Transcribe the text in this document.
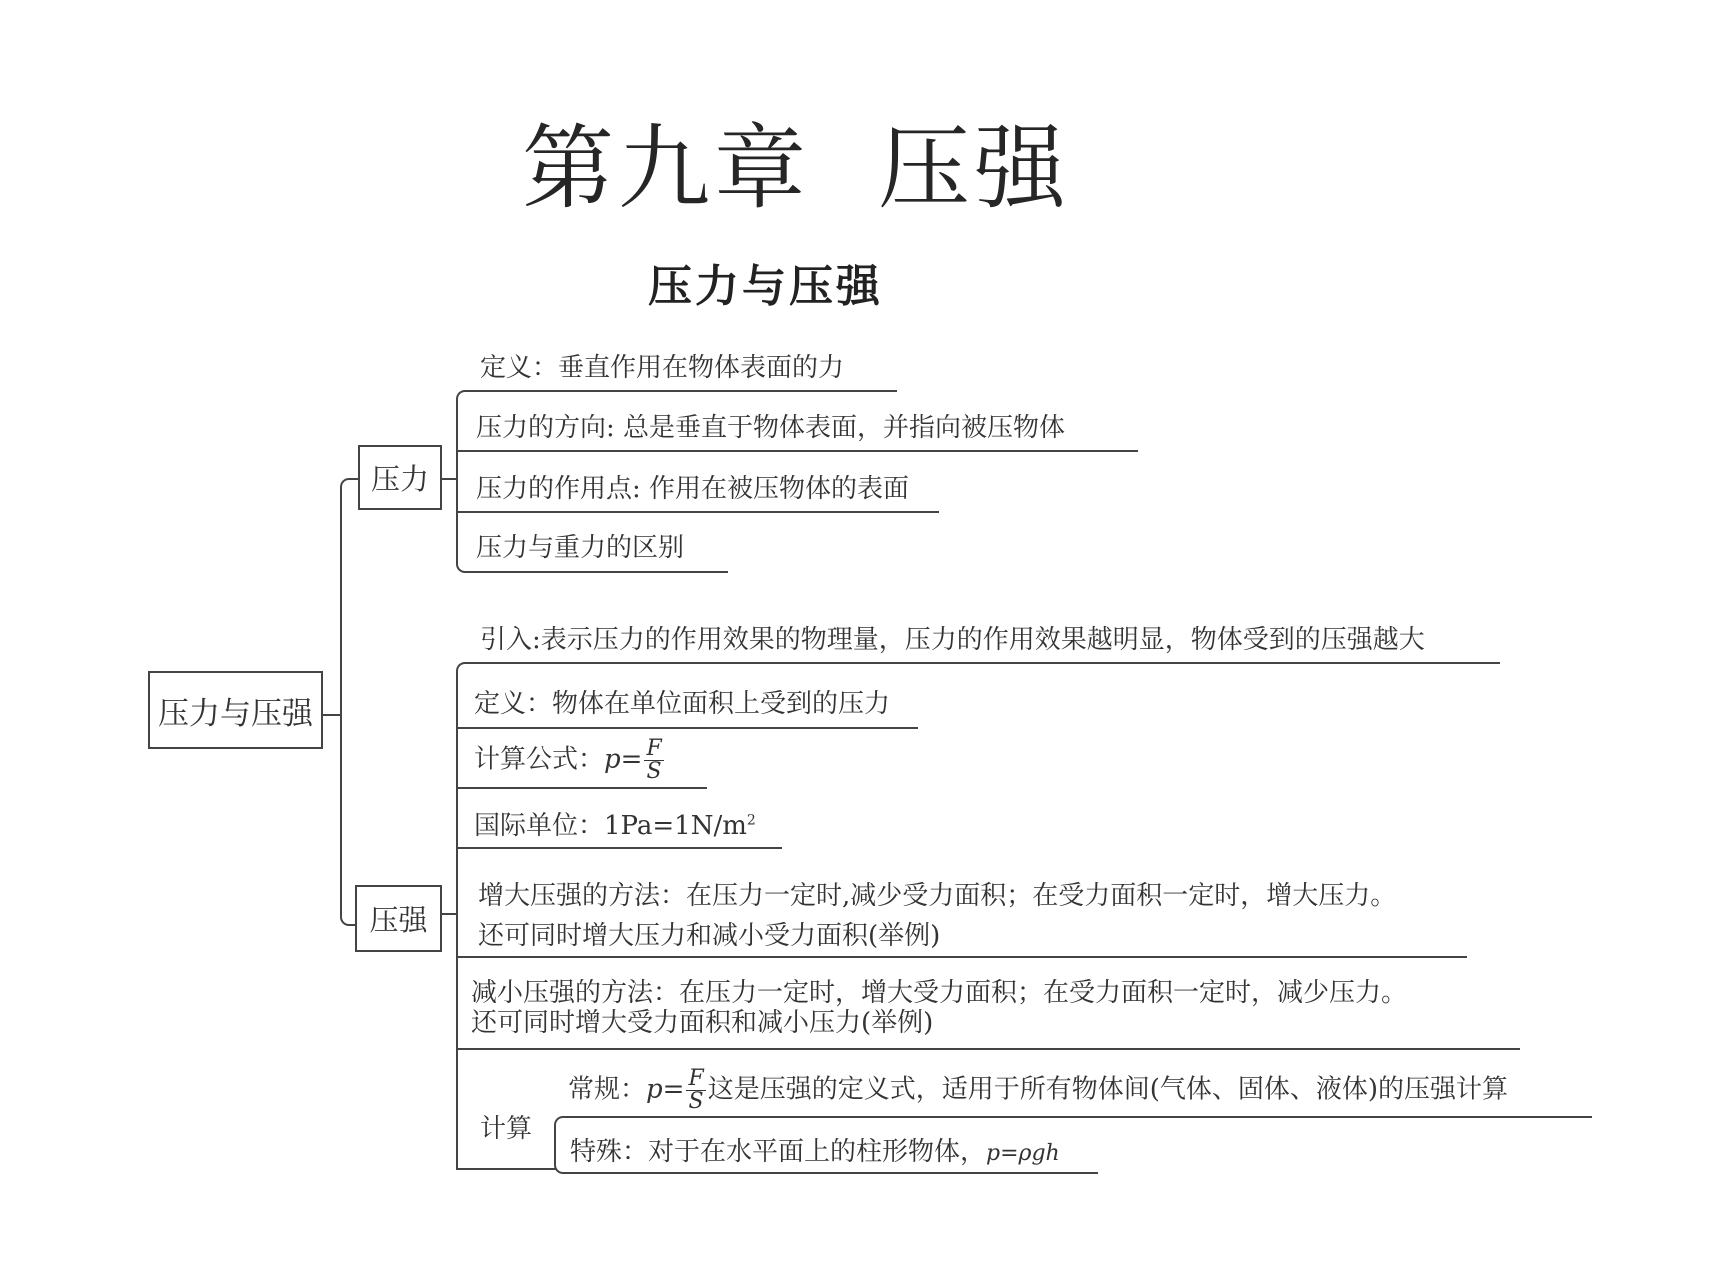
第九章 压强
压力与压强
压力与压强
压力
定义：垂直作用在物体表面的力
压力的方向: 总是垂直于物体表面，并指向被压物体
压力的作用点: 作用在被压物体的表面
压力与重力的区别
压强
引入:表示压力的作用效果的物理量，压力的作用效果越明显，物体受到的压强越大
定义：物体在单位面积上受到的压力
计算公式：$p= \frac{F}{S}$
国际单位：$1Pa=1N/m^2$
增大压强的方法：在压力一定时,减少受力面积；在受力面积一定时，增大压力。
还可同时增大压力和减小受力面积(举例)
减小压强的方法：在压力一定时，增大受力面积；在受力面积一定时，减少压力。
还可同时增大受力面积和减小压力(举例)
计算
常规：$p= \frac{F}{S}$ 这是压强的定义式，适用于所有物体间(气体、固体、液体)的压强计算
特殊：对于在水平面上的柱形物体，p=ρgh
